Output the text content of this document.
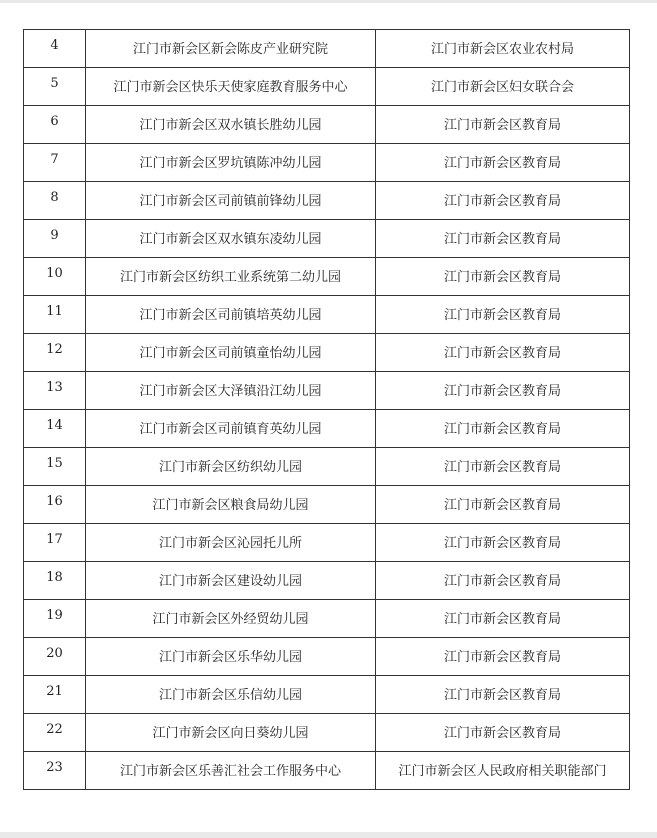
4	江门市新会区新会陈皮产业研究院	江门市新会区农业农村局
5	江门市新会区快乐天使家庭教育服务中心	江门市新会区妇女联合会
6	江门市新会区双水镇长胜幼儿园	江门市新会区教育局
7	江门市新会区罗坑镇陈冲幼儿园	江门市新会区教育局
8	江门市新会区司前镇前锋幼儿园	江门市新会区教育局
9	江门市新会区双水镇东凌幼儿园	江门市新会区教育局
10	江门市新会区纺织工业系统第二幼儿园	江门市新会区教育局
11	江门市新会区司前镇培英幼儿园	江门市新会区教育局
12	江门市新会区司前镇童怡幼儿园	江门市新会区教育局
13	江门市新会区大泽镇沿江幼儿园	江门市新会区教育局
14	江门市新会区司前镇育英幼儿园	江门市新会区教育局
15	江门市新会区纺织幼儿园	江门市新会区教育局
16	江门市新会区粮食局幼儿园	江门市新会区教育局
17	江门市新会区沁园托儿所	江门市新会区教育局
18	江门市新会区建设幼儿园	江门市新会区教育局
19	江门市新会区外经贸幼儿园	江门市新会区教育局
20	江门市新会区乐华幼儿园	江门市新会区教育局
21	江门市新会区乐信幼儿园	江门市新会区教育局
22	江门市新会区向日葵幼儿园	江门市新会区教育局
23	江门市新会区乐善汇社会工作服务中心	江门市新会区人民政府相关职能部门
